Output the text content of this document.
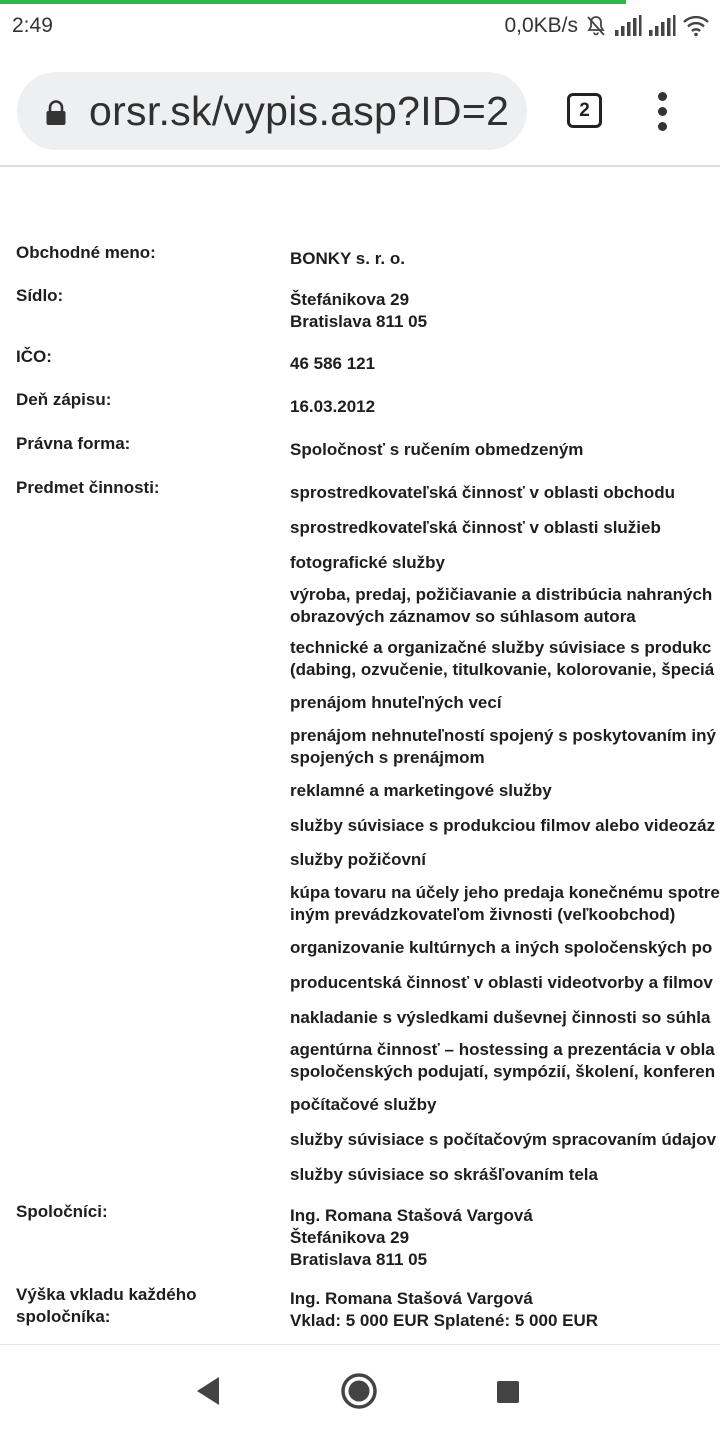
2:49	0,0KB/s
orsr.sk/vypis.asp?ID=2	2
Obchodné meno:	BONKY s. r. o.
Sídlo:	Štefánikova 29
Bratislava 811 05
IČO:	46 586 121
Deň zápisu:	16.03.2012
Právna forma:	Spoločnosť s ručením obmedzeným
Predmet činnosti:	sprostredkovateľská činnosť v oblasti obchodu
sprostredkovateľská činnosť v oblasti služieb
fotografické služby
výroba, predaj, požičiavanie a distribúcia nahraných
obrazových záznamov so súhlasom autora
technické a organizačné služby súvisiace s produkc
(dabing, ozvučenie, titulkovanie, kolorovanie, špeciá
prenájom hnuteľných vecí
prenájom nehnuteľností spojený s poskytovaním iný
spojených s prenájmom
reklamné a marketingové služby
služby súvisiace s produkciou filmov alebo videozáz
služby požičovní
kúpa tovaru na účely jeho predaja konečnému spotre
iným prevádzkovateľom živnosti (veľkoobchod)
organizovanie kultúrnych a iných spoločenských po
producentská činnosť v oblasti videotvorby a filmov
nakladanie s výsledkami duševnej činnosti so súhla
agentúrna činnosť – hostessing a prezentácia v obla
spoločenských podujatí, sympózií, školení, konferen
počítačové služby
služby súvisiace s počítačovým spracovaním údajov
služby súvisiace so skrášľovaním tela
Spoločníci:	Ing. Romana Stašová Vargová
Štefánikova 29
Bratislava 811 05
Výška vkladu každého
spoločníka:
Ing. Romana Stašová Vargová
Vklad: 5 000 EUR Splatené: 5 000 EUR
